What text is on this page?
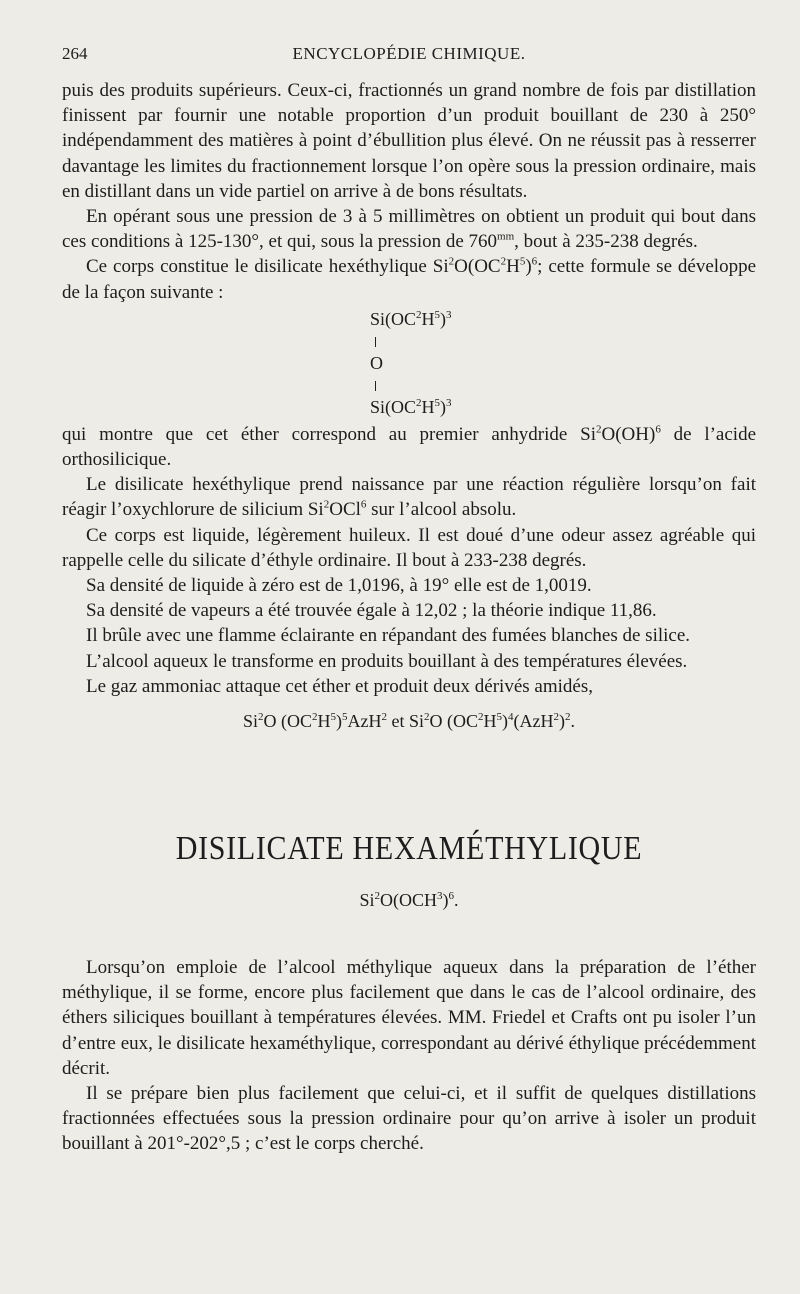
264	ENCYCLOPÉDIE CHIMIQUE.

puis des produits supérieurs. Ceux-ci, fractionnés un grand nombre de fois par distillation finissent par fournir une notable proportion d’un produit bouillant de 230 à 250° indépendamment des matières à point d’ébullition plus élevé. On ne réussit pas à resserrer davantage les limites du fractionnement lorsque l’on opère sous la pression ordinaire, mais en distillant dans un vide partiel on arrive à de bons résultats.

En opérant sous une pression de 3 à 5 millimètres on obtient un produit qui bout dans ces conditions à 125-130°, et qui, sous la pression de $760^{mm}$, bout à 235-238 degrés.

Ce corps constitue le disilicate hexéthylique $Si^2O(OC^2H^5)^6$; cette formule se développe de la façon suivante :

$Si(OC^2H^5)^3$
O
$Si(OC^2H^5)^3$

qui montre que cet éther correspond au premier anhydride Si$^2$O(OH)$^6$ de l’acide orthosilicique.

Le disilicate hexéthylique prend naissance par une réaction régulière lorsqu’on fait réagir l’oxychlorure de silicium Si$^2$OCl$^6$ sur l’alcool absolu.

Ce corps est liquide, légèrement huileux. Il est doué d’une odeur assez agréable qui rappelle celle du silicate d’éthyle ordinaire. Il bout à 233-238 degrés.

Sa densité de liquide à zéro est de 1,0196, à 19° elle est de 1,0019.

Sa densité de vapeurs a été trouvée égale à 12,02 ; la théorie indique 11,86.

Il brûle avec une flamme éclairante en répandant des fumées blanches de silice.

L’alcool aqueux le transforme en produits bouillant à des températures élevées.

Le gaz ammoniac attaque cet éther et produit deux dérivés amidés,

Si$^2$O $(OC^2H^5)^5AzH^2$ et Si$^2$O $(OC^2H^5)^4(AzH^2)^2$.
DISILICATE HEXAMÉTHYLIQUE
$Si^2O(OCH^3)^6$.

Lorsqu’on emploie de l’alcool méthylique aqueux dans la préparation de l’éther méthylique, il se forme, encore plus facilement que dans le cas de l’alcool ordinaire, des éthers siliciques bouillant à températures élevées. MM. Friedel et Crafts ont pu isoler l’un d’entre eux, le disilicate hexaméthylique, correspondant au dérivé éthylique précédemment décrit.

Il se prépare bien plus facilement que celui-ci, et il suffit de quelques distillations fractionnées effectuées sous la pression ordinaire pour qu’on arrive à isoler un produit bouillant à 201°-202°,5 ; c’est le corps cherché.
